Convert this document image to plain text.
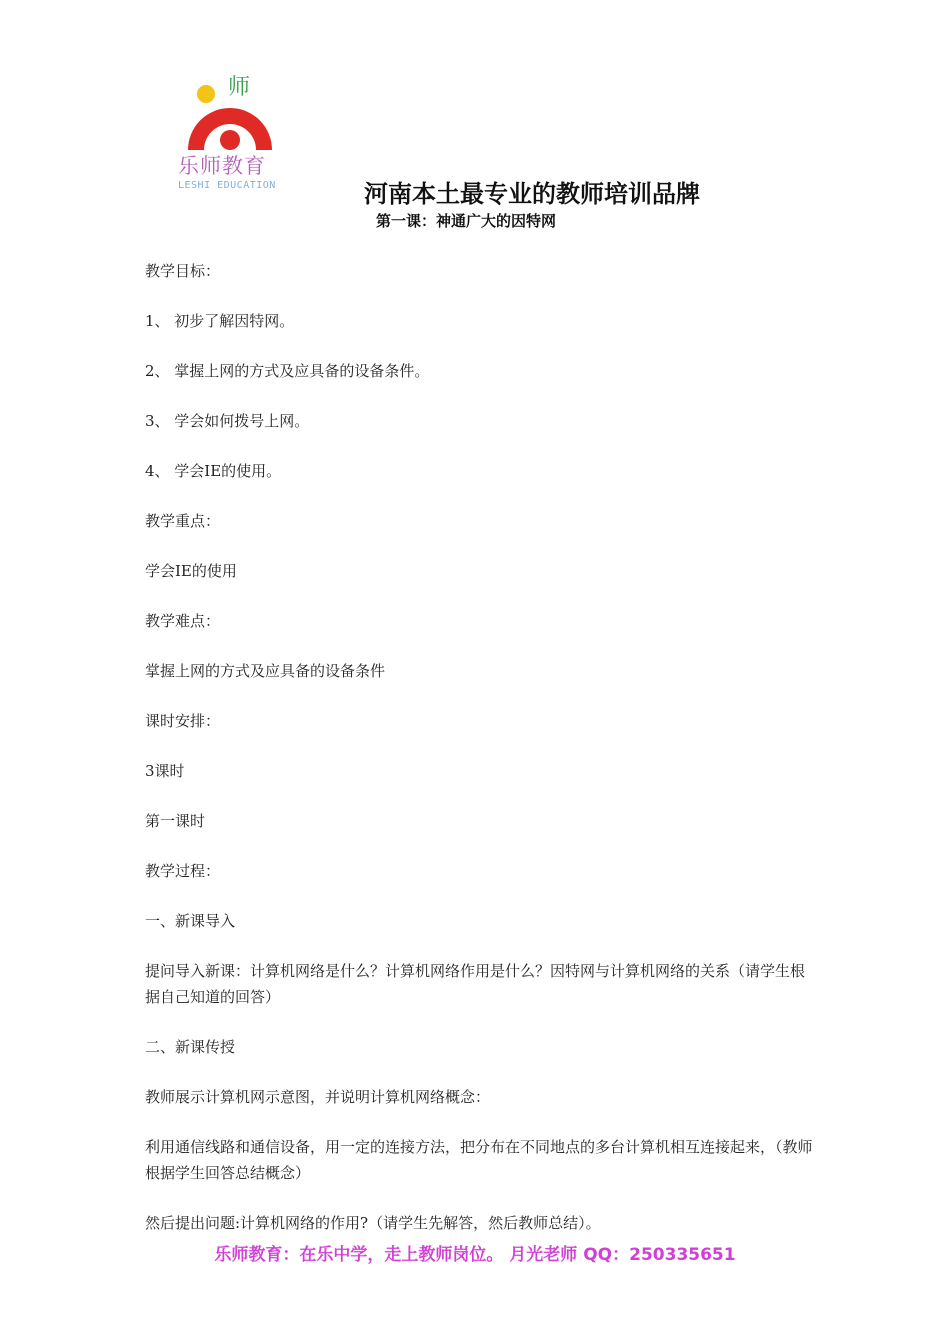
师
乐师教育
LESHI EDUCATION	河南本土最专业的教师培训品牌
第一课：神通广大的因特网

教学目标：

1、 初步了解因特网。

2、 掌握上网的方式及应具备的设备条件。

3、 学会如何拨号上网。

4、 学会IE的使用。

教学重点：

学会IE的使用

教学难点：

掌握上网的方式及应具备的设备条件

课时安排：

3课时

第一课时

教学过程：

一、新课导入

提问导入新课：计算机网络是什么？计算机网络作用是什么？因特网与计算机网络的关系（请学生根据自己知道的回答）

二、新课传授

教师展示计算机网示意图，并说明计算机网络概念：

利用通信线路和通信设备，用一定的连接方法，把分布在不同地点的多台计算机相互连接起来，（教师根据学生回答总结概念）

然后提出问题:计算机网络的作用?（请学生先解答，然后教师总结）。

乐师教育：在乐中学，走上教师岗位。 月光老师 QQ：250335651
